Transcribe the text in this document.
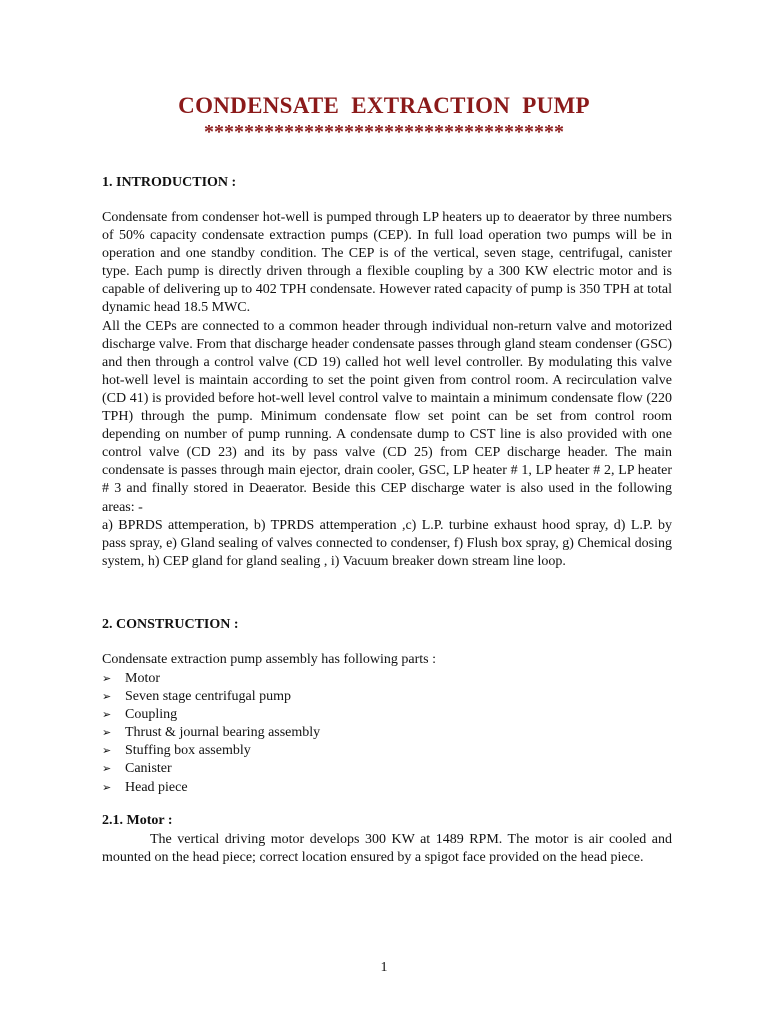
CONDENSATE EXTRACTION PUMP
************************************
1. INTRODUCTION :

Condensate from condenser hot-well is pumped through LP heaters up to deaerator by three numbers of 50% capacity condensate extraction pumps (CEP). In full load operation two pumps will be in operation and one standby condition. The CEP is of the vertical, seven stage, centrifugal, canister type. Each pump is directly driven through a flexible coupling by a 300 KW electric motor and is capable of delivering up to 402 TPH condensate. However rated capacity of pump is 350 TPH at total dynamic head 18.5 MWC.

All the CEPs are connected to a common header through individual non-return valve and motorized discharge valve. From that discharge header condensate passes through gland steam condenser (GSC) and then through a control valve (CD 19) called hot well level controller. By modulating this valve hot-well level is maintain according to set the point given from control room. A recirculation valve (CD 41) is provided before hot-well level control valve to maintain a minimum condensate flow (220 TPH) through the pump. Minimum condensate flow set point can be set from control room depending on number of pump running. A condensate dump to CST line is also provided with one control valve (CD 23) and its by pass valve (CD 25) from CEP discharge header. The main condensate is passes through main ejector, drain cooler, GSC, LP heater # 1, LP heater # 2, LP heater # 3 and finally stored in Deaerator. Beside this CEP discharge water is also used in the following areas: -

a) BPRDS attemperation, b) TPRDS attemperation ,c) L.P. turbine exhaust hood spray, d) L.P. by pass spray, e) Gland sealing of valves connected to condenser, f) Flush box spray, g) Chemical dosing system, h) CEP gland for gland sealing , i) Vacuum breaker down stream line loop.

2. CONSTRUCTION :

Condensate extraction pump assembly has following parts :

➢ Motor
➢ Seven stage centrifugal pump
➢ Coupling
➢ Thrust & journal bearing assembly
➢ Stuffing box assembly
➢ Canister
➢ Head piece
2.1. Motor :

The vertical driving motor develops 300 KW at 1489 RPM. The motor is air cooled and mounted on the head piece; correct location ensured by a spigot face provided on the head piece.

1
